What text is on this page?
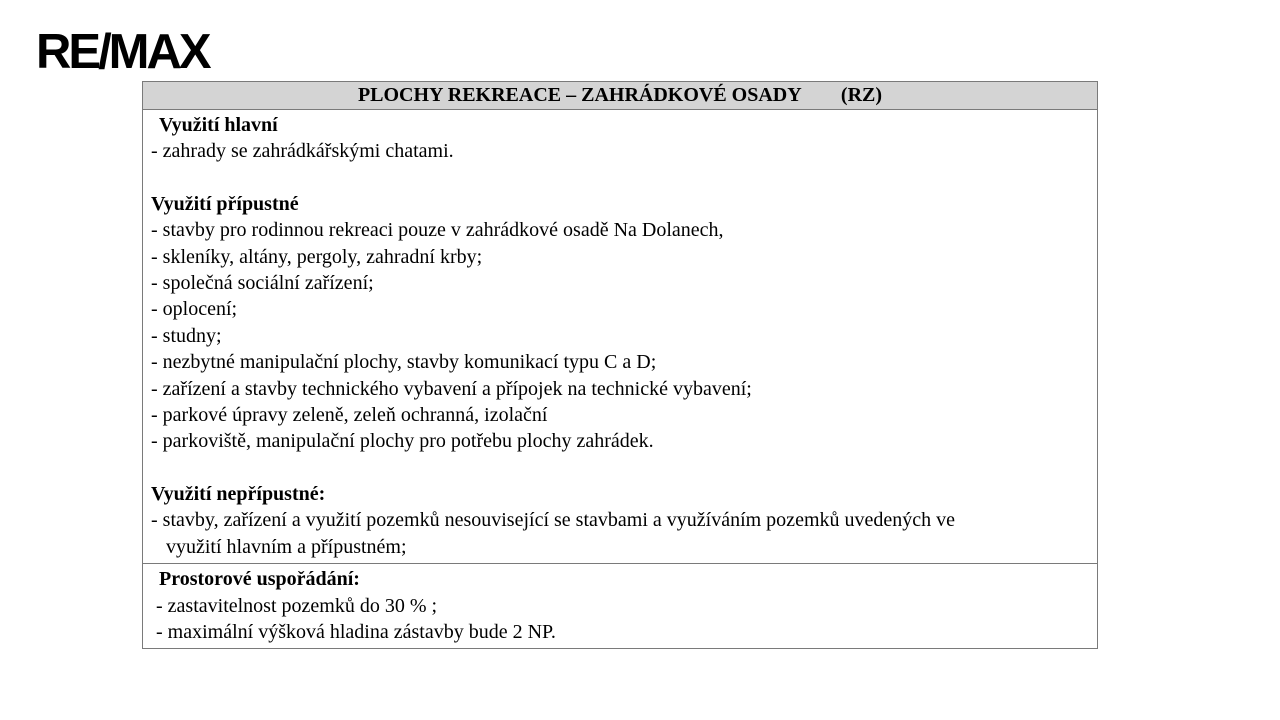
RE/MAX
PLOCHY REKREACE – ZAHRÁDKOVÉ OSADY        (RZ)
Využití hlavní
- zahrady se zahrádkářskými chatami.
Využití přípustné
- stavby pro rodinnou rekreaci pouze v zahrádkové osadě Na Dolanech,
- skleníky, altány, pergoly, zahradní krby;
- společná sociální zařízení;
- oplocení;
- studny;
- nezbytné manipulační plochy, stavby komunikací typu C a D;
- zařízení a stavby technického vybavení a přípojek na technické vybavení;
- parkové úpravy zeleně, zeleň ochranná, izolační
- parkoviště, manipulační plochy pro potřebu plochy zahrádek.
Využití nepřípustné:
- stavby, zařízení a využití pozemků nesouvisející se stavbami a využíváním pozemků uvedených ve
využití hlavním a přípustném;
Prostorové uspořádání:
- zastavitelnost pozemků do 30 % ;
- maximální výšková hladina zástavby bude 2 NP.
